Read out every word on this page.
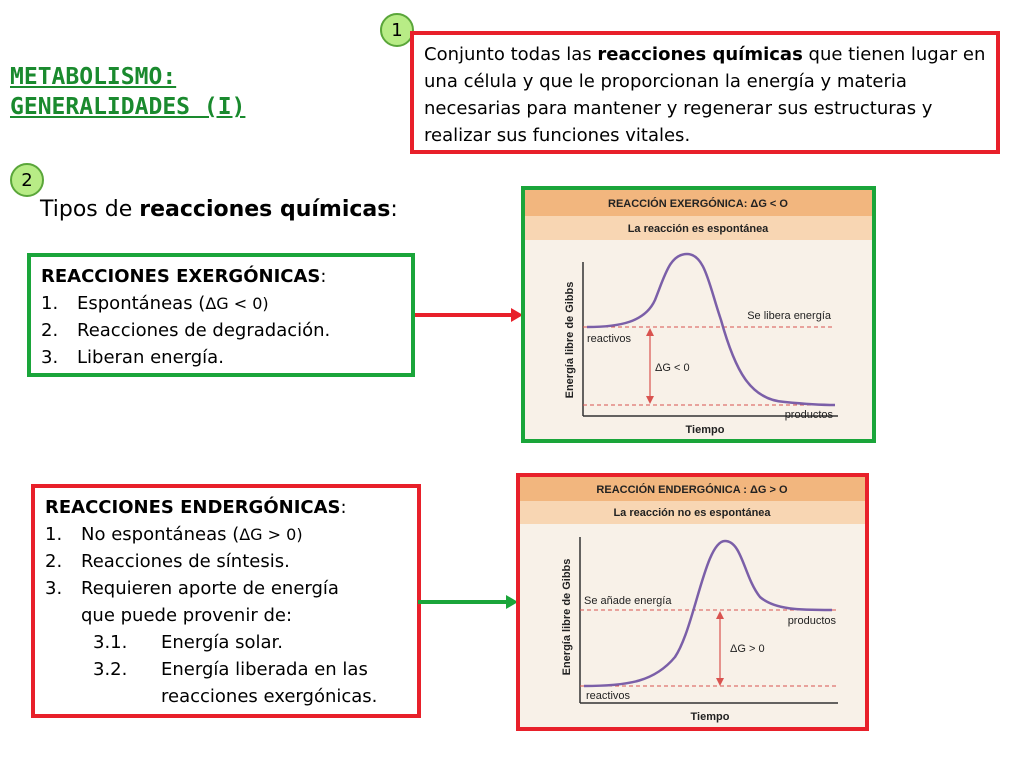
METABOLISMO:
GENERALIDADES (I)
1
2
Conjunto todas las reacciones químicas que tienen lugar en una célula y que le proporcionan la energía y materia necesarias para mantener y regenerar sus estructuras y realizar sus funciones vitales.
Tipos de reacciones químicas:
REACCIONES EXERGÓNICAS:
1.	Espontáneas (ΔG < 0)
2.	Reacciones de degradación.
3.	Liberan energía.
REACCIONES ENDERGÓNICAS:
1.	No espontáneas (ΔG > 0)
2.	Reacciones de síntesis.
3.	Requieren aporte de energía
que puede provenir de:
3.1.	Energía solar.
3.2.	Energía liberada en las
reacciones exergónicas.
REACCIÓN EXERGÓNICA: ΔG < O
La reacción es espontánea
Energía libre de Gibbs
Tiempo
ΔG < 0
reactivos
productos
Se libera energía
REACCIÓN ENDERGÓNICA : ΔG > O
La reacción no es espontánea
Energía libre de Gibbs
Tiempo
ΔG > 0
reactivos
productos
Se añade energía
